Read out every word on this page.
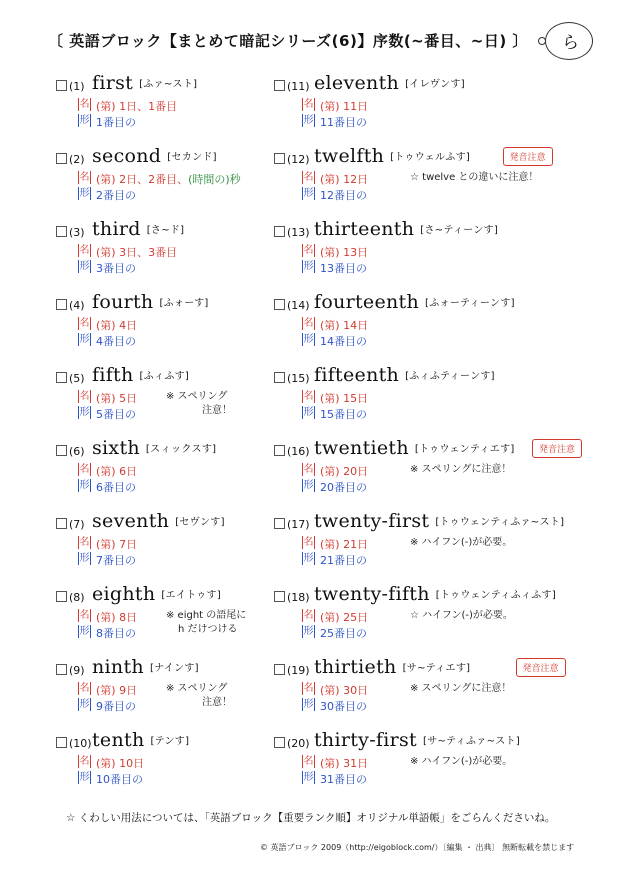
〔 英語ブロック【まとめて暗記シリーズ(6)】序数(~番目、~日) 〕 ら
(1) first [ふァ~スト]
名
形
(第) 1日、1番目
1番目の
(2) second [セカンド]
名
形
(第) 2日、2番目、(時間の)秒
2番目の
(3) third [さ~ド]
名
形
(第) 3日、3番目
3番目の
(4) fourth [ふォーす]
名
形
(第) 4日
4番目の
(5) fifth [ふィふす]
名
形
(第) 5日
5番目の
※ スペリング
注意！
(6) sixth [スィックスす]
名
形
(第) 6日
6番目の
(7) seventh [セヴンす]
名
形
(第) 7日
7番目の
(8) eighth [エイトゥす]
名
形
(第) 8日
8番目の
※ eight の語尾に
h だけつける
(9) ninth [ナインす]
名
形
(第) 9日
9番目の
※ スペリング
注意！
(10) tenth [テンす]
名
形
(第) 10日
10番目の
(11) eleventh [イレヴンす]
名
形
(第) 11日
11番目の
(12) twelfth [トゥウェルふす]
名
形
(第) 12日
12番目の
発音注意
☆ twelve との違いに注意！
(13) thirteenth [さ~ティーンす]
名
形
(第) 13日
13番目の
(14) fourteenth [ふォーティーンす]
名
形
(第) 14日
14番目の
(15) fifteenth [ふィふティーンす]
名
形
(第) 15日
15番目の
(16) twentieth [トゥウェンティエす]
名
形
(第) 20日
20番目の
発音注意
※ スペリングに注意！
(17) twenty-first [トゥウェンティふァ~スト]
名
形
(第) 21日
21番目の
※ ハイフン(-)が必要。
(18) twenty-fifth [トゥウェンティふィふす]
名
形
(第) 25日
25番目の
☆ ハイフン(-)が必要。
(19) thirtieth [サ~ティエす]
名
形
(第) 30日
30番目の
発音注意
※ スペリングに注意！
(20) thirty-first [サ~ティふァ~スト]
名
形
(第) 31日
31番目の
※ ハイフン(-)が必要。
☆ くわしい用法については、「英語ブロック【重要ランク順】オリジナル単語帳」をごらんくださいね。
© 英語ブロック 2009（http://eigoblock.com/）〔編集 ・ 出典〕 無断転載を禁じます
